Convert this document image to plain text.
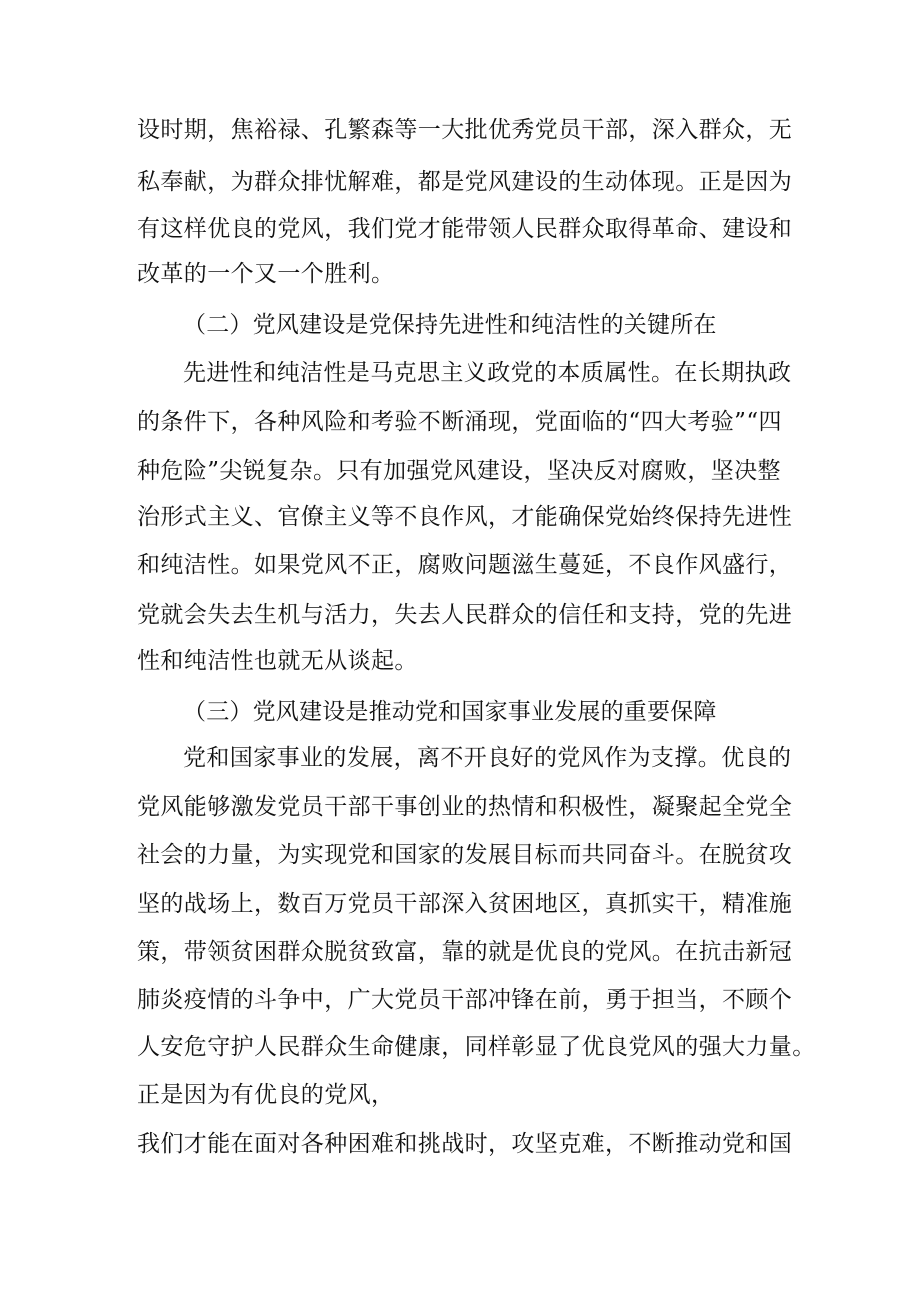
设时期，焦裕禄、孔繁森等一大批优秀党员干部，深入群众，无
私奉献，为群众排忧解难，都是党风建设的生动体现。正是因为
有这样优良的党风，我们党才能带领人民群众取得革命、建设和
改革的一个又一个胜利。
（二）党风建设是党保持先进性和纯洁性的关键所在
先进性和纯洁性是马克思主义政党的本质属性。在长期执政
的条件下，各种风险和考验不断涌现，党面临的“四大考验”“四
种危险”尖锐复杂。只有加强党风建设，坚决反对腐败，坚决整
治形式主义、官僚主义等不良作风，才能确保党始终保持先进性
和纯洁性。如果党风不正，腐败问题滋生蔓延，不良作风盛行，
党就会失去生机与活力，失去人民群众的信任和支持，党的先进
性和纯洁性也就无从谈起。
（三）党风建设是推动党和国家事业发展的重要保障
党和国家事业的发展，离不开良好的党风作为支撑。优良的
党风能够激发党员干部干事创业的热情和积极性，凝聚起全党全
社会的力量，为实现党和国家的发展目标而共同奋斗。在脱贫攻
坚的战场上，数百万党员干部深入贫困地区，真抓实干，精准施
策，带领贫困群众脱贫致富，靠的就是优良的党风。在抗击新冠
肺炎疫情的斗争中，广大党员干部冲锋在前，勇于担当，不顾个
人安危守护人民群众生命健康，同样彰显了优良党风的强大力量。
正是因为有优良的党风，
我们才能在面对各种困难和挑战时，攻坚克难，不断推动党和国
